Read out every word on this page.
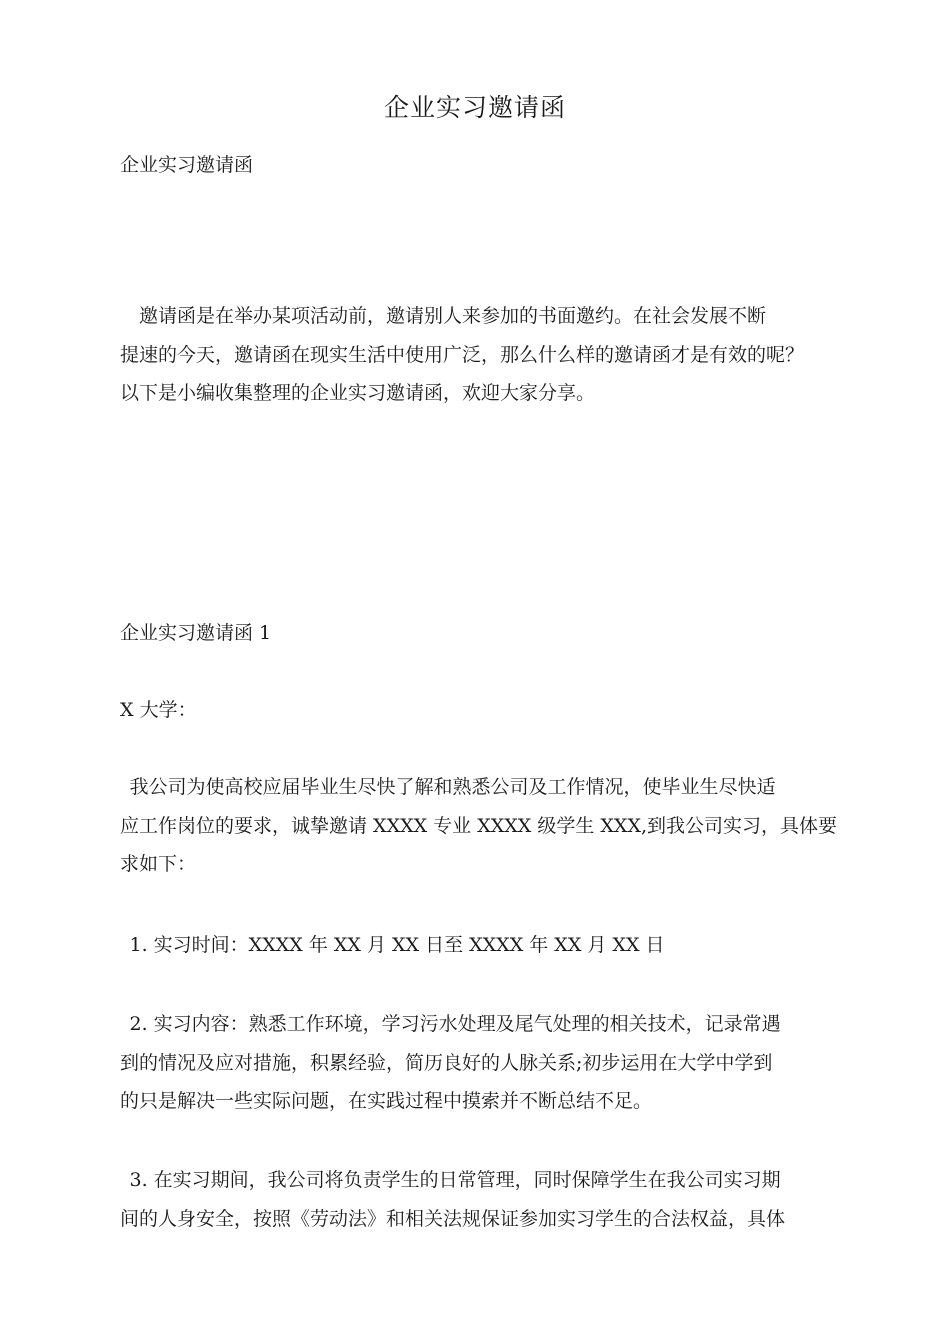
企业实习邀请函
企业实习邀请函

　邀请函是在举办某项活动前，邀请别人来参加的书面邀约。在社会发展不断
提速的今天，邀请函在现实生活中使用广泛，那么什么样的邀请函才是有效的呢？
以下是小编收集整理的企业实习邀请函，欢迎大家分享。

企业实习邀请函 1
X 大学：

 我公司为使高校应届毕业生尽快了解和熟悉公司及工作情况，使毕业生尽快适
应工作岗位的要求，诚挚邀请 XXXX 专业 XXXX 级学生 XXX,到我公司实习，具体要
求如下：

 1. 实习时间：XXXX 年 XX 月 XX 日至 XXXX 年 XX 月 XX 日

 2. 实习内容：熟悉工作环境，学习污水处理及尾气处理的相关技术，记录常遇
到的情况及应对措施，积累经验，简历良好的人脉关系;初步运用在大学中学到
的只是解决一些实际问题，在实践过程中摸索并不断总结不足。

 3. 在实习期间，我公司将负责学生的日常管理，同时保障学生在我公司实习期
间的人身安全，按照《劳动法》和相关法规保证参加实习学生的合法权益，具体
